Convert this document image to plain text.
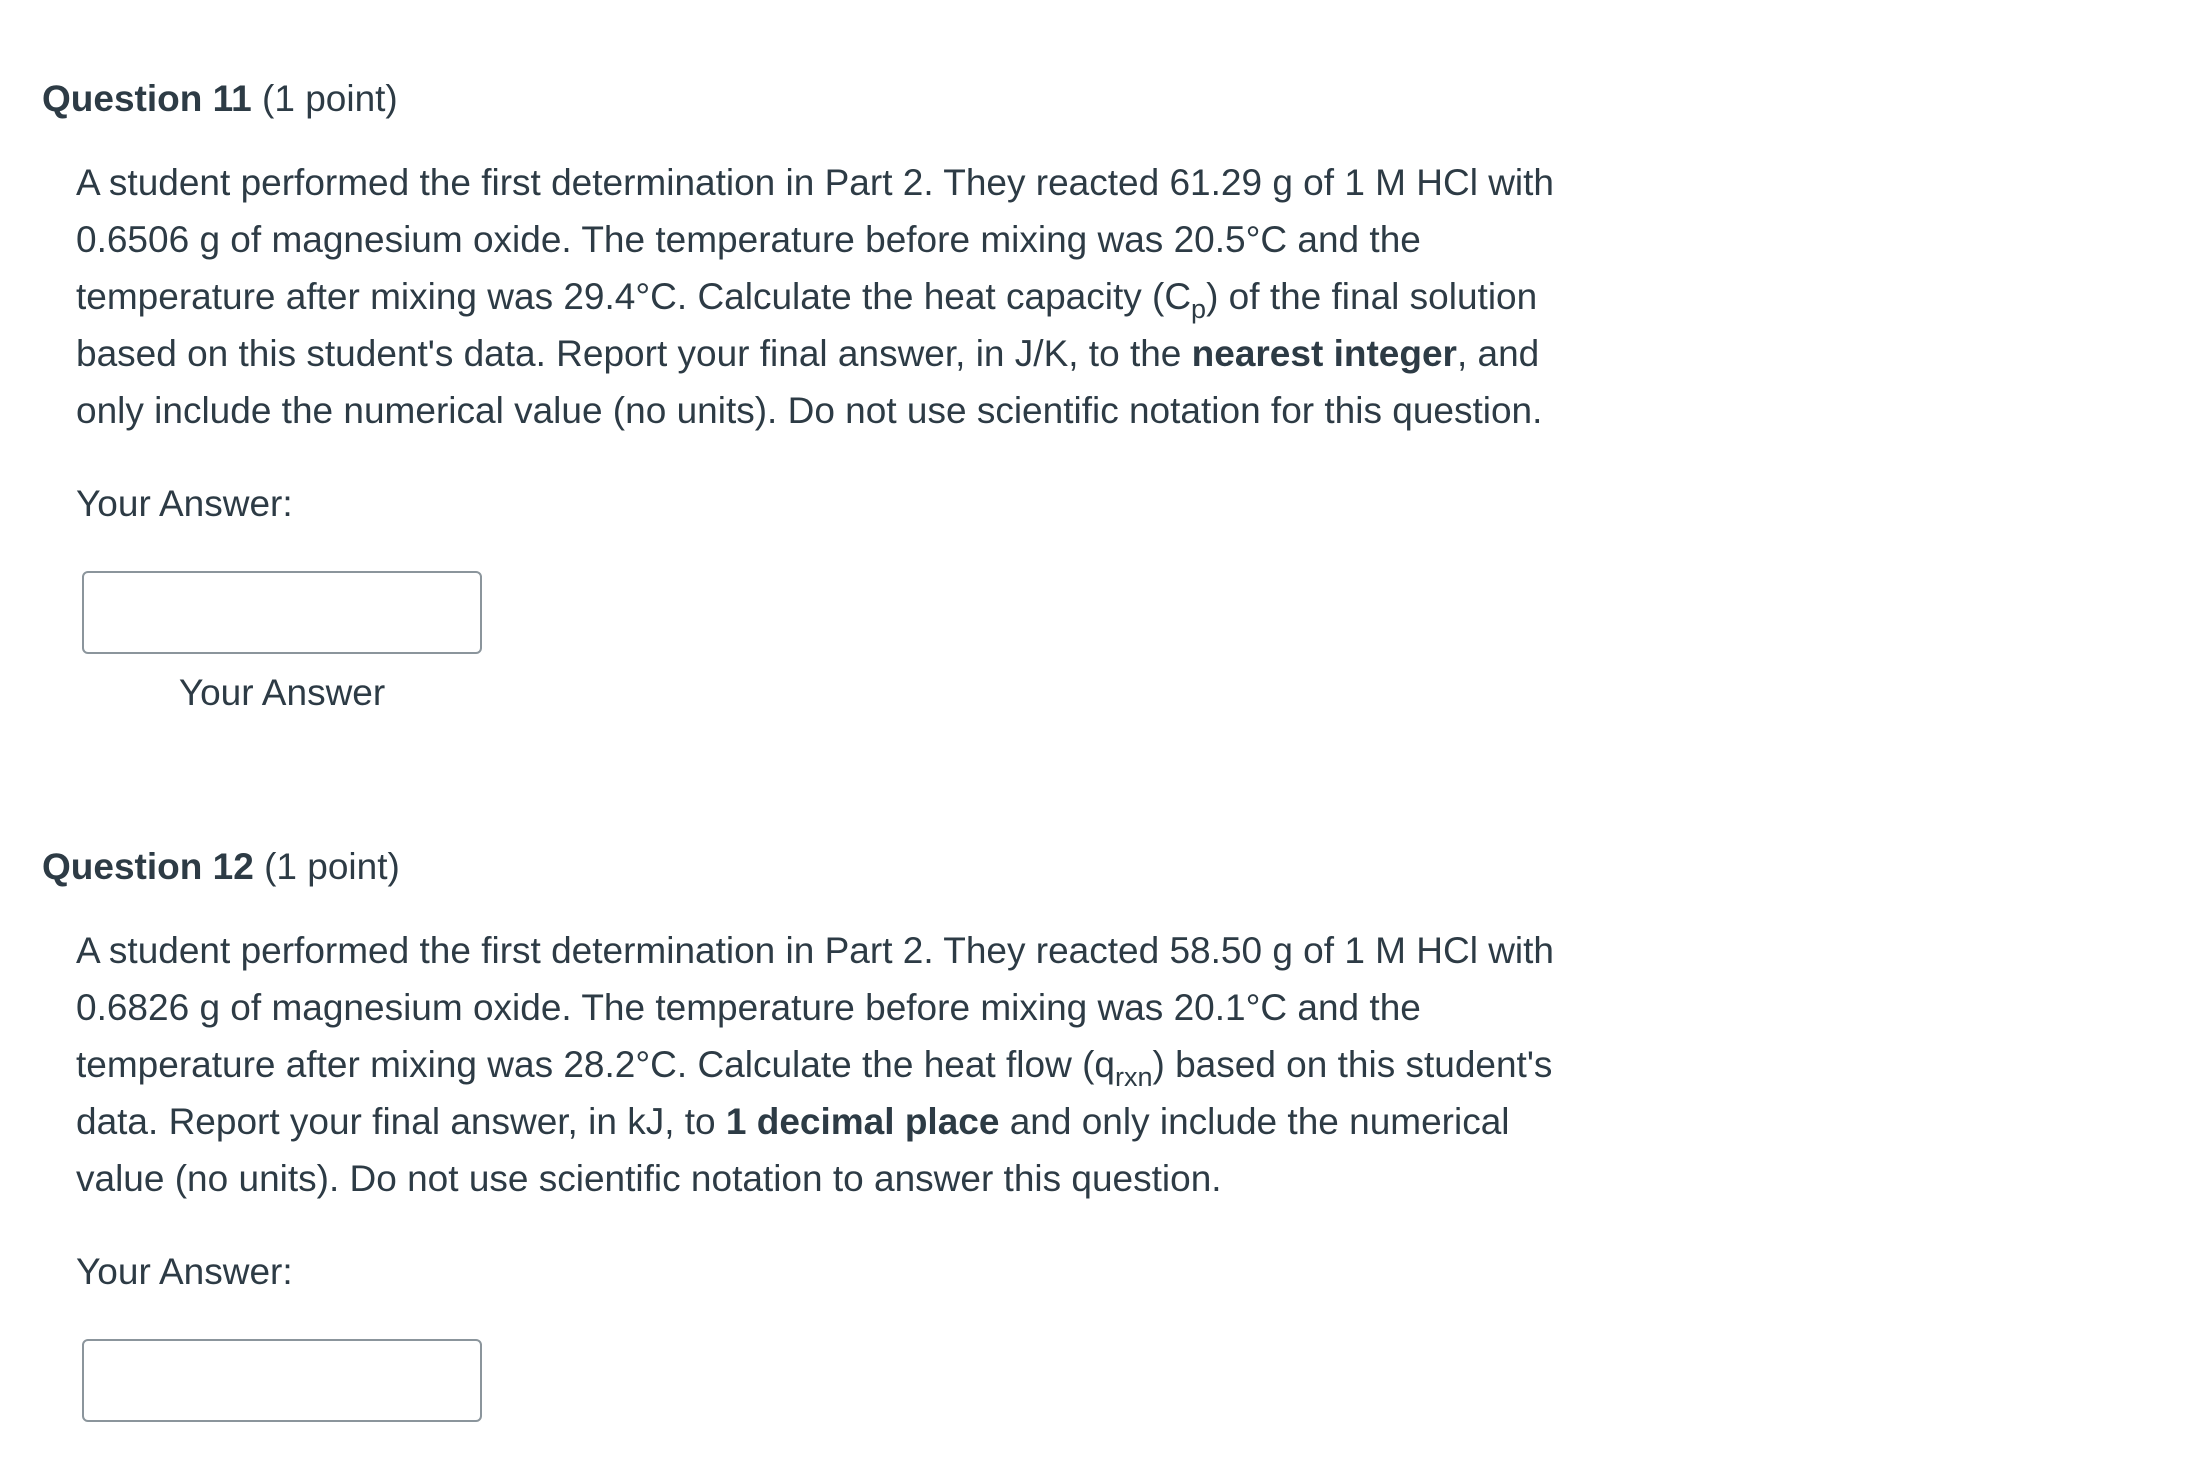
Question 11 (1 point)

A student performed the first determination in Part 2. They reacted 61.29 g of 1 M HCl with 0.6506 g of magnesium oxide. The temperature before mixing was 20.5°C and the temperature after mixing was 29.4°C. Calculate the heat capacity $(C_p)$ of the final solution based on this student's data. Report your final answer, in J/K, to the nearest integer, and only include the numerical value (no units). Do not use scientific notation for this question.

Your Answer:
Your Answer
Question 12 (1 point)

A student performed the first determination in Part 2. They reacted 58.50 g of 1 M HCl with 0.6826 g of magnesium oxide. The temperature before mixing was 20.1°C and the temperature after mixing was 28.2°C. Calculate the heat flow $(q_{rxn})$ based on this student's data. Report your final answer, in kJ, to 1 decimal place and only include the numerical value (no units). Do not use scientific notation to answer this question.

Your Answer:
